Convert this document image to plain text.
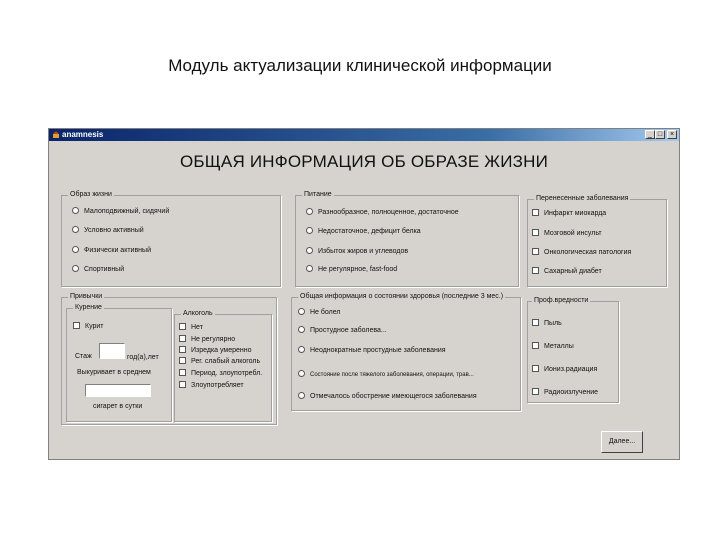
Модуль актуализации клинической информации
anamnesis	_ □	×
ОБЩАЯ ИНФОРМАЦИЯ ОБ ОБРАЗЕ ЖИЗНИ
Образ жизни
Малоподвижный, сидячий
Условно активный
Физически активный
Спортивный
Питание
Разнообразное, полноценное, достаточное
Недостаточное, дефицит белка
Избыток жиров и углеводов
Не регулярное, fast-food
Перенесенные заболевания
Инфаркт миокарда
Мозговой инсульт
Онкологическая патология
Сахарный диабет
Привычки
Курение
Курит
Стаж	год(а),лет
Выкуривает в среднем
сигарет в сутки
Алкоголь
Нет
Не регулярно
Изредка умеренно
Рег. слабый алкоголь
Период. злоупотребл.
Злоупотребляет
Общая информация о состоянии здоровья (последние 3 мес.)
Не болел
Простудное заболева...
Неоднократные простудные заболевания
Состояние после тяжелого заболевания, операции, трав...
Отмечалось обострение имеющегося заболевания
Проф.вредности
Пыль
Металлы
Иониз.радиация
Радиоизлучение
Далее...
